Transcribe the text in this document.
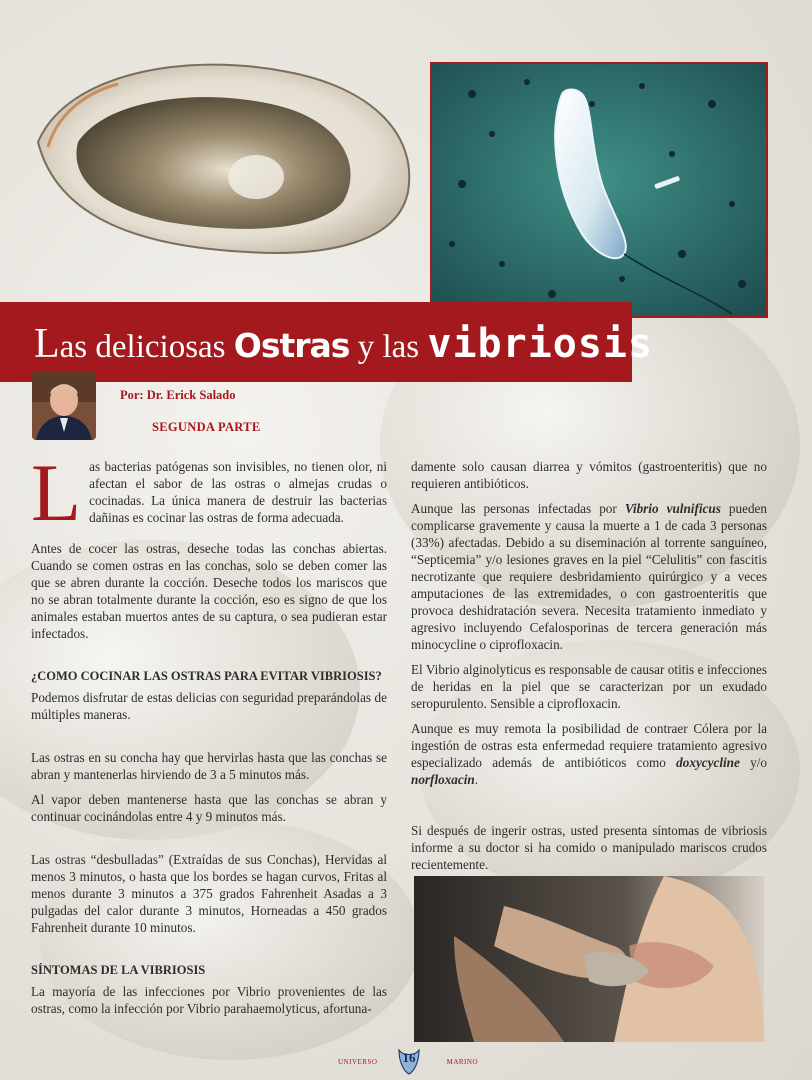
Las deliciosas Ostras y las vibriosis
Por: Dr. Erick Salado
SEGUNDA PARTE

Las bacterias patógenas son invisibles, no tienen olor, ni afectan el sabor de las ostras o almejas crudas o cocinadas. La única manera de destruir las bacterias dañinas es cocinar las ostras de forma adecuada.

Antes de cocer las ostras, deseche todas las conchas abiertas. Cuando se comen ostras en las conchas, solo se deben comer las que se abren durante la cocción. Deseche todos los mariscos que no se abran totalmente durante la cocción, eso es signo de que los animales estaban muertos antes de su captura, o sea pudieran estar infectados.

¿COMO COCINAR LAS OSTRAS PARA EVITAR VIBRIOSIS?

Podemos disfrutar de estas delicias con seguridad preparándolas de múltiples maneras.

Las ostras en su concha hay que hervirlas hasta que las conchas se abran y mantenerlas hirviendo de 3 a 5 minutos más.

Al vapor deben mantenerse hasta que las conchas se abran y continuar cocinándolas entre 4 y 9 minutos más.

Las ostras “desbulladas” (Extraídas de sus Conchas), Hervidas al menos 3 minutos, o hasta que los bordes se hagan curvos, Fritas al menos durante 3 minutos a 375 grados Fahrenheit Asadas a 3 pulgadas del calor durante 3 minutos, Horneadas a 450 grados Fahrenheit durante 10 minutos.

SÍNTOMAS DE LA VIBRIOSIS

La mayoría de las infecciones por Vibrio provenientes de las ostras, como la infección por Vibrio parahaemolyticus, afortuna-

damente solo causan diarrea y vómitos (gastroenteritis) que no requieren antibióticos.

Aunque las personas infectadas por Vibrio vulnificus pueden complicarse gravemente y causa la muerte a 1 de cada 3 personas (33%) afectadas. Debido a su diseminación al torrente sanguíneo, “Septicemia” y/o lesiones graves en la piel “Celulitis” con fascitis necrotizante que requiere desbridamiento quirúrgico y a veces amputaciones de las extremidades, o con gastroenteritis que provoca deshidratación severa. Necesita tratamiento inmediato y agresivo incluyendo Cefalosporinas de tercera generación más minocycline o ciprofloxacin.

El Vibrio alginolyticus es responsable de causar otitis e infecciones de heridas en la piel que se caracterizan por un exudado seropurulento. Sensible a ciprofloxacin.

Aunque es muy remota la posibilidad de contraer Cólera por la ingestión de ostras esta enfermedad requiere tratamiento agresivo especializado además de antibióticos como doxycycline y/o norfloxacin.

Si después de ingerir ostras, usted presenta síntomas de vibriosis informe a su doctor si ha comido o manipulado mariscos crudos recientemente.

UNIVERSO 16	MARINO
